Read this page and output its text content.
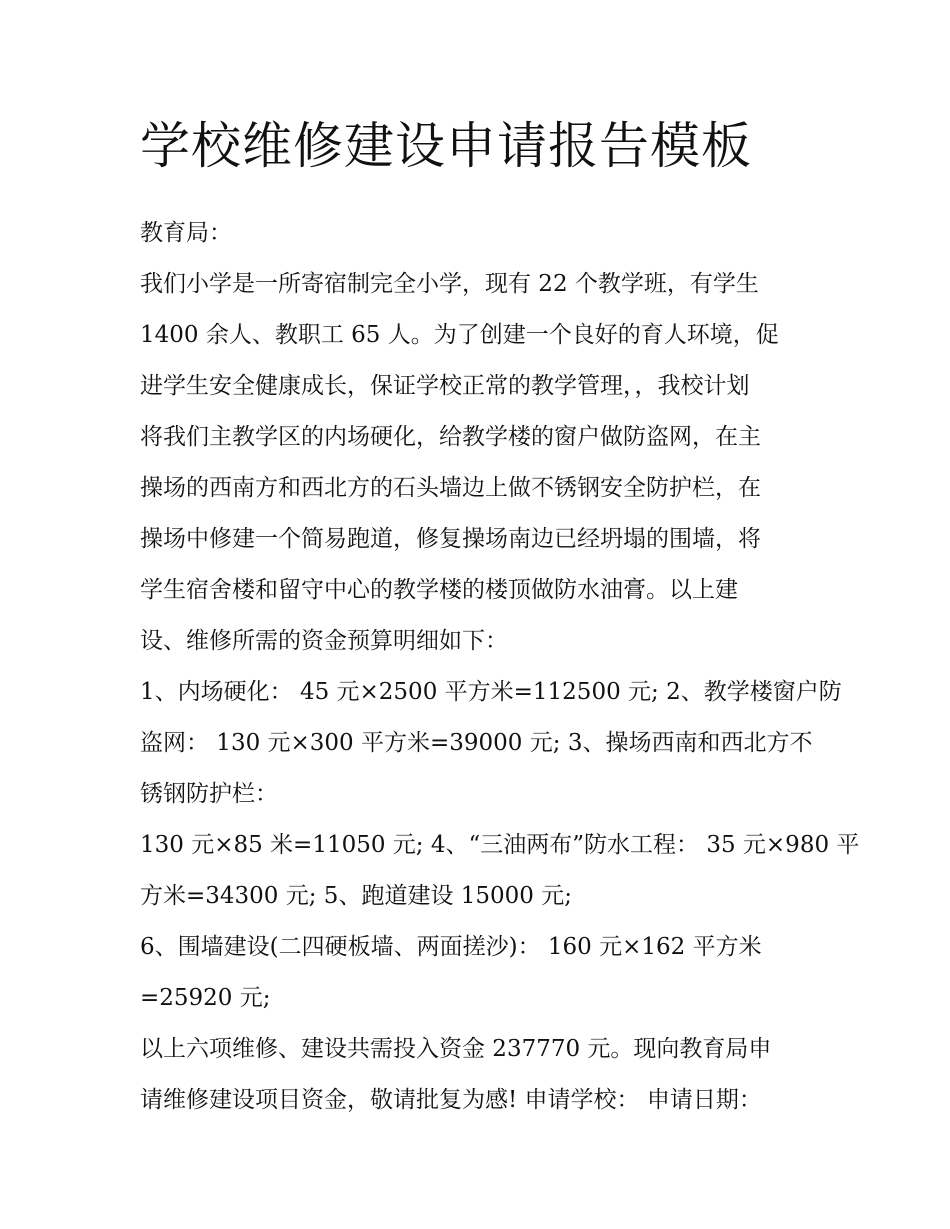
学校维修建设申请报告模板

教育局：

我们小学是一所寄宿制完全小学，现有 22 个教学班，有学生
1400 余人、教职工 65 人。为了创建一个良好的育人环境，促
进学生安全健康成长，保证学校正常的教学管理，，我校计划
将我们主教学区的内场硬化，给教学楼的窗户做防盗网，在主
操场的西南方和西北方的石头墙边上做不锈钢安全防护栏，在
操场中修建一个简易跑道，修复操场南边已经坍塌的围墙，将
学生宿舍楼和留守中心的教学楼的楼顶做防水油膏。以上建
设、维修所需的资金预算明细如下：

1、内场硬化： 45 元×2500 平方米=112500 元; 2、教学楼窗户防
盗网： 130 元×300 平方米=39000 元; 3、操场西南和西北方不
锈钢防护栏：

130 元×85 米=11050 元; 4、“三油两布”防水工程： 35 元×980 平
方米=34300 元; 5、跑道建设 15000 元;

6、围墙建设(二四硬板墙、两面搓沙)： 160 元×162 平方米
=25920 元;

以上六项维修、建设共需投入资金 237770 元。现向教育局申
请维修建设项目资金，敬请批复为感! 申请学校： 申请日期：
